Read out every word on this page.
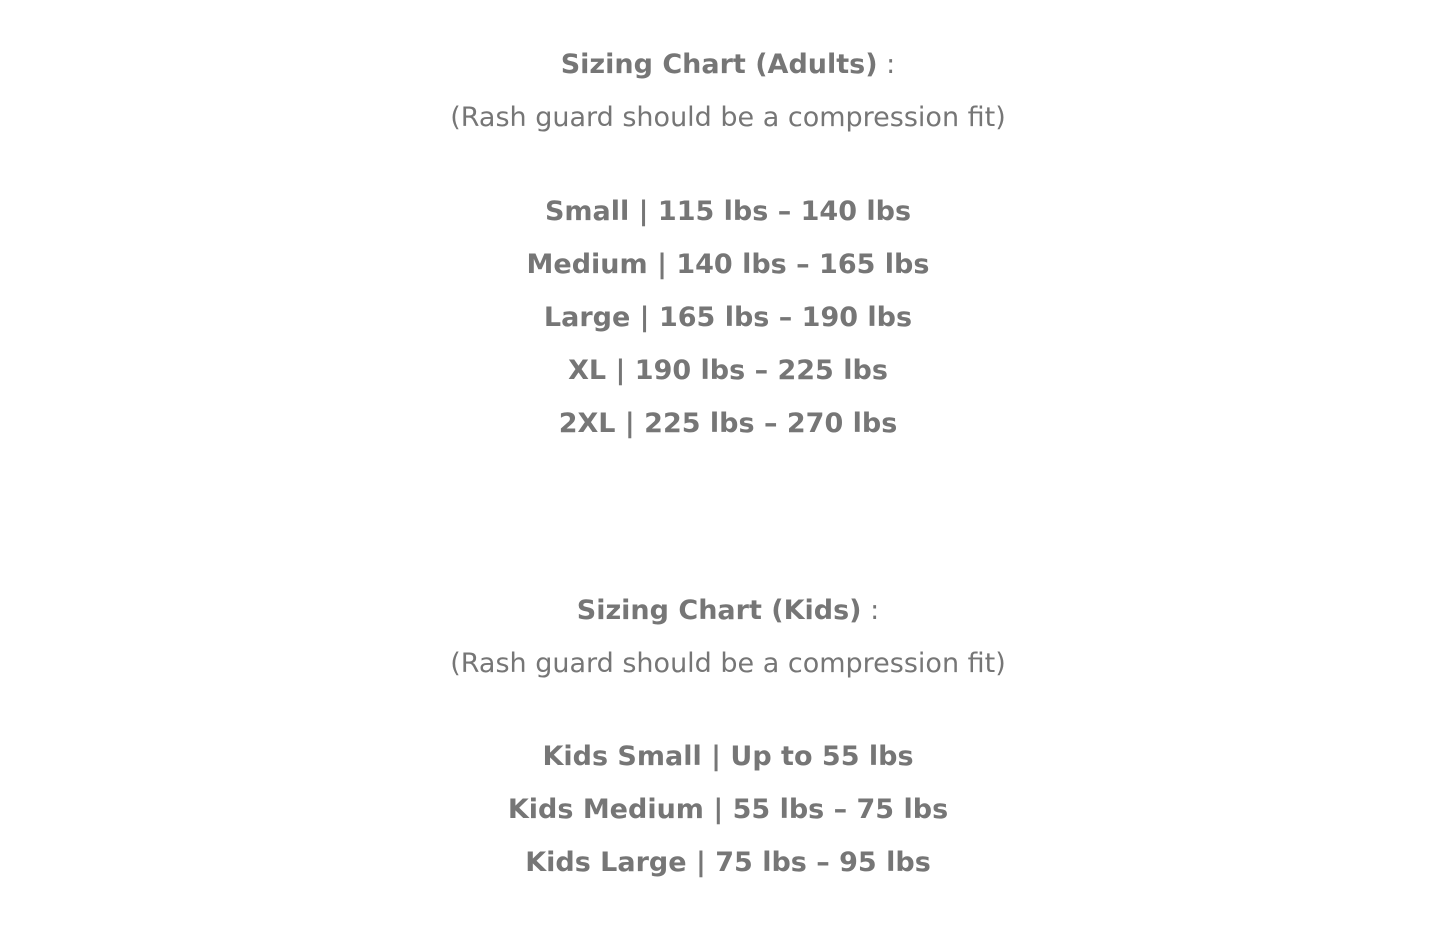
Sizing Chart (Adults) :
(Rash guard should be a compression fit)
Small | 115 lbs – 140 lbs
Medium | 140 lbs – 165 lbs
Large | 165 lbs – 190 lbs
XL | 190 lbs – 225 lbs
2XL | 225 lbs – 270 lbs
Sizing Chart (Kids) :
(Rash guard should be a compression fit)
Kids Small | Up to 55 lbs
Kids Medium | 55 lbs – 75 lbs
Kids Large | 75 lbs – 95 lbs
